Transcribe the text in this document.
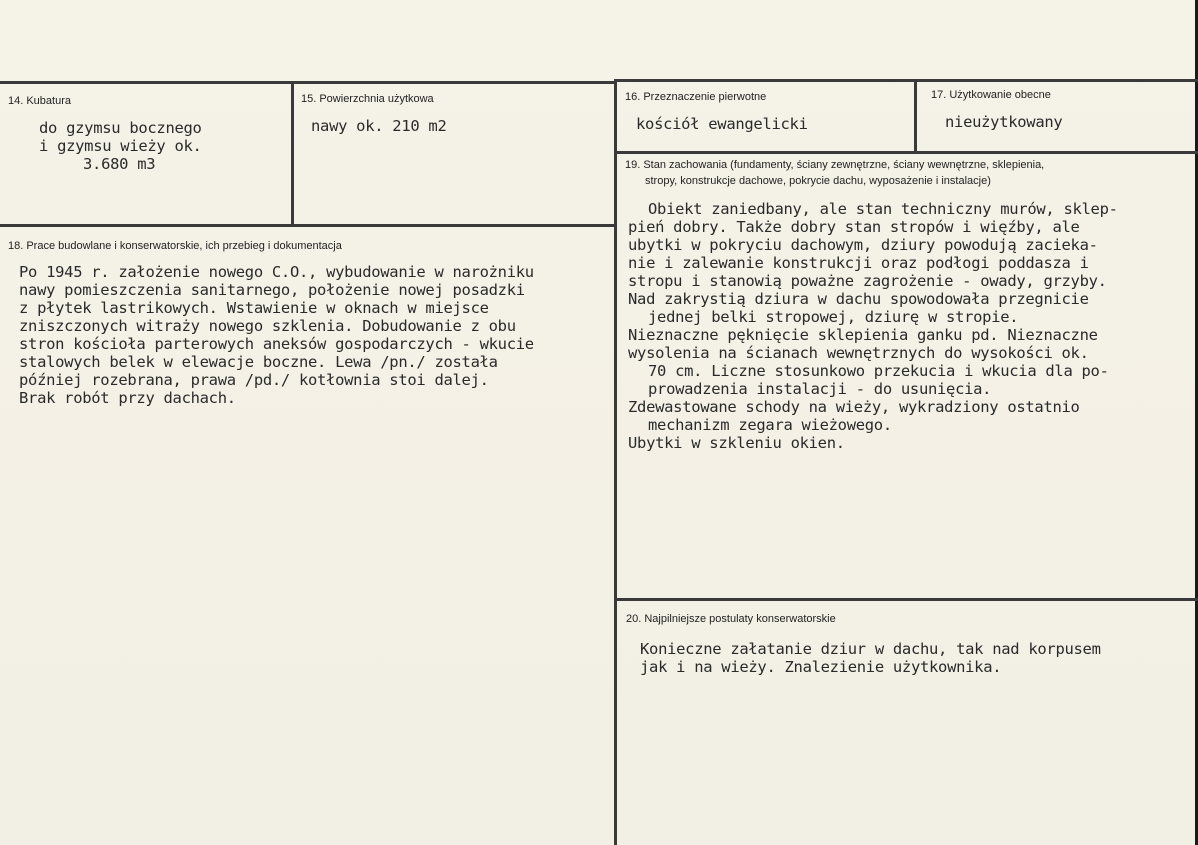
14. Kubatura
do gzymsu bocznego
i gzymsu wieży ok.
3.680 m3
15. Powierzchnia użytkowa
nawy ok. 210 m2
16. Przeznaczenie pierwotne
kościół ewangelicki
17. Użytkowanie obecne
nieużytkowany
18. Prace budowlane i konserwatorskie, ich przebieg i dokumentacja
Po 1945 r. założenie nowego C.O., wybudowanie w narożniku
nawy pomieszczenia sanitarnego, położenie nowej posadzki
z płytek lastrikowych. Wstawienie w oknach w miejsce
zniszczonych witraży nowego szklenia. Dobudowanie z obu
stron kościoła parterowych aneksów gospodarczych - wkucie
stalowych belek w elewacje boczne. Lewa /pn./ została
później rozebrana, prawa /pd./ kotłownia stoi dalej.
Brak robót przy dachach.
19. Stan zachowania (fundamenty, ściany zewnętrzne, ściany wewnętrzne, sklepienia,
stropy, konstrukcje dachowe, pokrycie dachu, wyposażenie i instalacje)
Obiekt zaniedbany, ale stan techniczny murów, sklep-
pień dobry. Także dobry stan stropów i więźby, ale
ubytki w pokryciu dachowym, dziury powodują zacieka-
nie i zalewanie konstrukcji oraz podłogi poddasza i
stropu i stanowią poważne zagrożenie - owady, grzyby.
Nad zakrystią dziura w dachu spowodowała przegnicie
jednej belki stropowej, dziurę w stropie.
Nieznaczne pęknięcie sklepienia ganku pd. Nieznaczne
wysolenia na ścianach wewnętrznych do wysokości ok.
70 cm. Liczne stosunkowo przekucia i wkucia dla po-
prowadzenia instalacji - do usunięcia.
Zdewastowane schody na wieży, wykradziony ostatnio
mechanizm zegara wieżowego.
Ubytki w szkleniu okien.
20. Najpilniejsze postulaty konserwatorskie
Konieczne załatanie dziur w dachu, tak nad korpusem
jak i na wieży. Znalezienie użytkownika.
